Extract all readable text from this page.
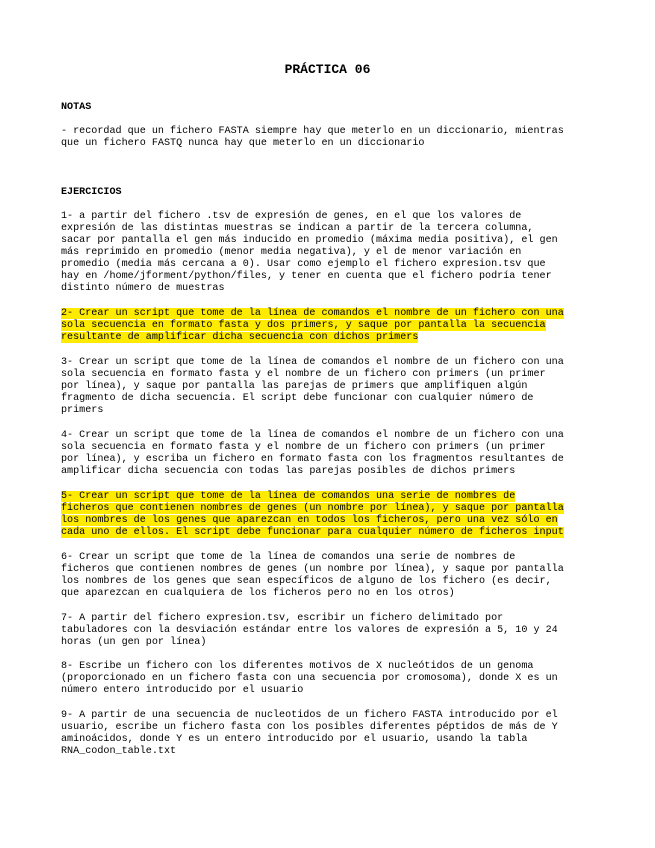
PRÁCTICA 06

NOTAS

- recordad que un fichero FASTA siempre hay que meterlo en un diccionario, mientras
que un fichero FASTQ nunca hay que meterlo en un diccionario

EJERCICIOS

1- a partir del fichero .tsv de expresión de genes, en el que los valores de
expresión de las distintas muestras se indican a partir de la tercera columna,
sacar por pantalla el gen más inducido en promedio (máxima media positiva), el gen
más reprimido en promedio (menor media negativa), y el de menor variación en
promedio (media más cercana a 0). Usar como ejemplo el fichero expresion.tsv que
hay en /home/jforment/python/files, y tener en cuenta que el fichero podría tener
distinto número de muestras

2- Crear un script que tome de la línea de comandos el nombre de un fichero con una
sola secuencia en formato fasta y dos primers, y saque por pantalla la secuencia
resultante de amplificar dicha secuencia con dichos primers

3- Crear un script que tome de la línea de comandos el nombre de un fichero con una
sola secuencia en formato fasta y el nombre de un fichero con primers (un primer
por línea), y saque por pantalla las parejas de primers que amplifiquen algún
fragmento de dicha secuencia. El script debe funcionar con cualquier número de
primers

4- Crear un script que tome de la línea de comandos el nombre de un fichero con una
sola secuencia en formato fasta y el nombre de un fichero con primers (un primer
por línea), y escriba un fichero en formato fasta con los fragmentos resultantes de
amplificar dicha secuencia con todas las parejas posibles de dichos primers

5- Crear un script que tome de la línea de comandos una serie de nombres de
ficheros que contienen nombres de genes (un nombre por línea), y saque por pantalla
los nombres de los genes que aparezcan en todos los ficheros, pero una vez sólo en
cada uno de ellos. El script debe funcionar para cualquier número de ficheros input

6- Crear un script que tome de la línea de comandos una serie de nombres de
ficheros que contienen nombres de genes (un nombre por línea), y saque por pantalla
los nombres de los genes que sean específicos de alguno de los fichero (es decir,
que aparezcan en cualquiera de los ficheros pero no en los otros)

7- A partir del fichero expresion.tsv, escribir un fichero delimitado por
tabuladores con la desviación estándar entre los valores de expresión a 5, 10 y 24
horas (un gen por línea)

8- Escribe un fichero con los diferentes motivos de X nucleótidos de un genoma
(proporcionado en un fichero fasta con una secuencia por cromosoma), donde X es un
número entero introducido por el usuario

9- A partir de una secuencia de nucleotidos de un fichero FASTA introducido por el
usuario, escribe un fichero fasta con los posibles diferentes péptidos de más de Y
aminoácidos, donde Y es un entero introducido por el usuario, usando la tabla
RNA_codon_table.txt
